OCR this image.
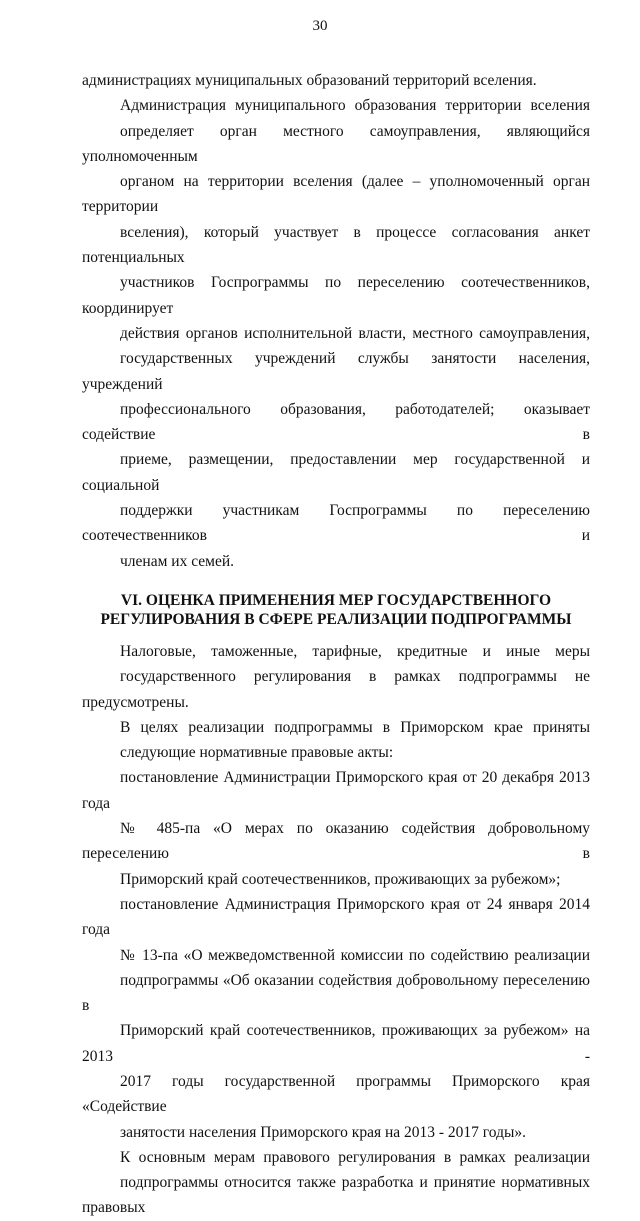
30

администрациях муниципальных образований территорий вселения.

Администрация муниципального образования территории вселения
определяет орган местного самоуправления, являющийся уполномоченным
органом на территории вселения (далее – уполномоченный орган территории
вселения), который участвует в процессе согласования анкет потенциальных
участников Госпрограммы по переселению соотечественников, координирует
действия органов исполнительной власти, местного самоуправления,
государственных учреждений службы занятости населения, учреждений
профессионального образования, работодателей; оказывает содействие в
приеме, размещении, предоставлении мер государственной и социальной
поддержки участникам Госпрограммы по переселению соотечественников и
членам их семей.

VI. ОЦЕНКА ПРИМЕНЕНИЯ МЕР ГОСУДАРСТВЕННОГО
РЕГУЛИРОВАНИЯ В СФЕРЕ РЕАЛИЗАЦИИ ПОДПРОГРАММЫ

Налоговые, таможенные, тарифные, кредитные и иные меры
государственного регулирования в рамках подпрограммы не предусмотрены.

В целях реализации подпрограммы в Приморском крае приняты
следующие нормативные правовые акты:

постановление Администрации Приморского края от 20 декабря 2013 года
№ 485-па «О мерах по оказанию содействия добровольному переселению в
Приморский край соотечественников, проживающих за рубежом»;

постановление Администрация Приморского края от 24 января 2014 года
№ 13-па «О межведомственной комиссии по содействию реализации
подпрограммы «Об оказании содействия добровольному переселению в
Приморский край соотечественников, проживающих за рубежом» на 2013 -
2017 годы государственной программы Приморского края «Содействие
занятости населения Приморского края на 2013 - 2017 годы».

К основным мерам правового регулирования в рамках реализации
подпрограммы относится также разработка и принятие нормативных правовых
